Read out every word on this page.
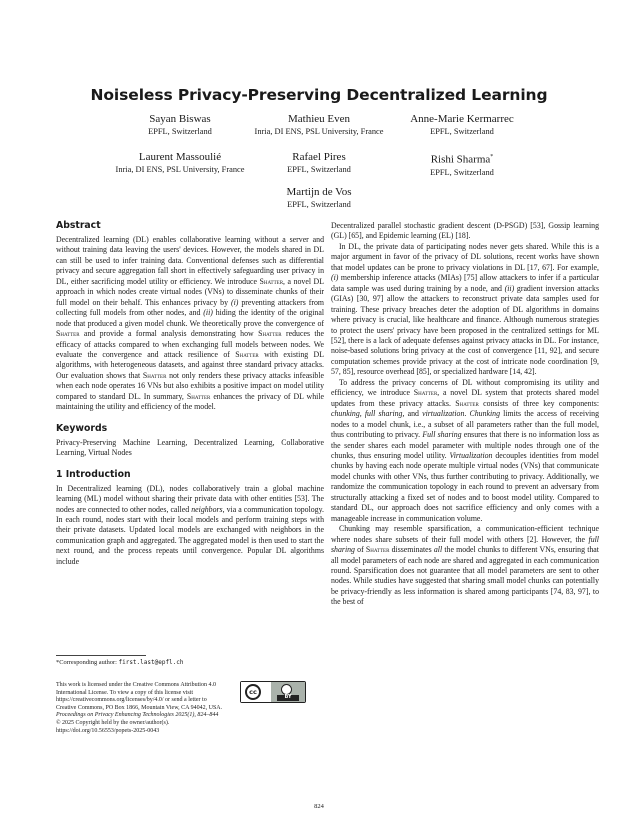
Noiseless Privacy-Preserving Decentralized Learning
Sayan Biswas
EPFL, Switzerland
Mathieu Even
Inria, DI ENS, PSL University, France
Anne-Marie Kermarrec
EPFL, Switzerland
Laurent Massoulié
Inria, DI ENS, PSL University, France
Rafael Pires
EPFL, Switzerland
Rishi Sharma*
EPFL, Switzerland
Martijn de Vos
EPFL, Switzerland
Abstract

Decentralized learning (DL) enables collaborative learning without a server and without training data leaving the users' devices. However, the models shared in DL can still be used to infer training data. Conventional defenses such as differential privacy and secure aggregation fall short in effectively safeguarding user privacy in DL, either sacrificing model utility or efficiency. We introduce Shatter, a novel DL approach in which nodes create virtual nodes (VNs) to disseminate chunks of their full model on their behalf. This enhances privacy by (i) preventing attackers from collecting full models from other nodes, and (ii) hiding the identity of the original node that produced a given model chunk. We theoretically prove the convergence of Shatter and provide a formal analysis demonstrating how Shatter reduces the efficacy of attacks compared to when exchanging full models between nodes. We evaluate the convergence and attack resilience of Shatter with existing DL algorithms, with heterogeneous datasets, and against three standard privacy attacks. Our evaluation shows that Shatter not only renders these privacy attacks infeasible when each node operates 16 VNs but also exhibits a positive impact on model utility compared to standard DL. In summary, Shatter enhances the privacy of DL while maintaining the utility and efficiency of the model.

Keywords

Privacy-Preserving Machine Learning, Decentralized Learning, Collaborative Learning, Virtual Nodes

1 Introduction

In Decentralized learning (DL), nodes collaboratively train a global machine learning (ML) model without sharing their private data with other entities [53]. The nodes are connected to other nodes, called neighbors, via a communication topology. In each round, nodes start with their local models and perform training steps with their private datasets. Updated local models are exchanged with neighbors in the communication graph and aggregated. The aggregated model is then used to start the next round, and the process repeats until convergence. Popular DL algorithms include

*Corresponding author: first.last@epfl.ch
This work is licensed under the Creative Commons Attribution 4.0 International License. To view a copy of this license visit https://creativecommons.org/licenses/by/4.0/ or send a letter to Creative Commons, PO Box 1866, Mountain View, CA 94042, USA.
Proceedings on Privacy Enhancing Technologies 2025(1), 824–844
© 2025 Copyright held by the owner/author(s).
https://doi.org/10.56553/popets-2025-0043
cc
BY

Decentralized parallel stochastic gradient descent (D-PSGD) [53], Gossip learning (GL) [65], and Epidemic learning (EL) [18].

In DL, the private data of participating nodes never gets shared. While this is a major argument in favor of the privacy of DL solutions, recent works have shown that model updates can be prone to privacy violations in DL [17, 67]. For example, (i) membership inference attacks (MIAs) [75] allow attackers to infer if a particular data sample was used during training by a node, and (ii) gradient inversion attacks (GIAs) [30, 97] allow the attackers to reconstruct private data samples used for training. These privacy breaches deter the adoption of DL algorithms in domains where privacy is crucial, like healthcare and finance. Although numerous strategies to protect the users' privacy have been proposed in the centralized settings for ML [52], there is a lack of adequate defenses against privacy attacks in DL. For instance, noise-based solutions bring privacy at the cost of convergence [11, 92], and secure computation schemes provide privacy at the cost of intricate node coordination [9, 57, 85], resource overhead [85], or specialized hardware [14, 42].

To address the privacy concerns of DL without compromising its utility and efficiency, we introduce Shatter, a novel DL system that protects shared model updates from these privacy attacks. Shatter consists of three key components: chunking, full sharing, and virtualization. Chunking limits the access of receiving nodes to a model chunk, i.e., a subset of all parameters rather than the full model, thus contributing to privacy. Full sharing ensures that there is no information loss as the sender shares each model parameter with multiple nodes through one of the chunks, thus ensuring model utility. Virtualization decouples identities from model chunks by having each node operate multiple virtual nodes (VNs) that communicate model chunks with other VNs, thus further contributing to privacy. Additionally, we randomize the communication topology in each round to prevent an adversary from structurally attacking a fixed set of nodes and to boost model utility. Compared to standard DL, our approach does not sacrifice efficiency and only comes with a manageable increase in communication volume.

Chunking may resemble sparsification, a communication-efficient technique where nodes share subsets of their full model with others [2]. However, the full sharing of Shatter disseminates all the model chunks to different VNs, ensuring that all model parameters of each node are shared and aggregated in each communication round. Sparsification does not guarantee that all model parameters are sent to other nodes. While studies have suggested that sharing small model chunks can potentially be privacy-friendly as less information is shared among participants [74, 83, 97], to the best of

824
